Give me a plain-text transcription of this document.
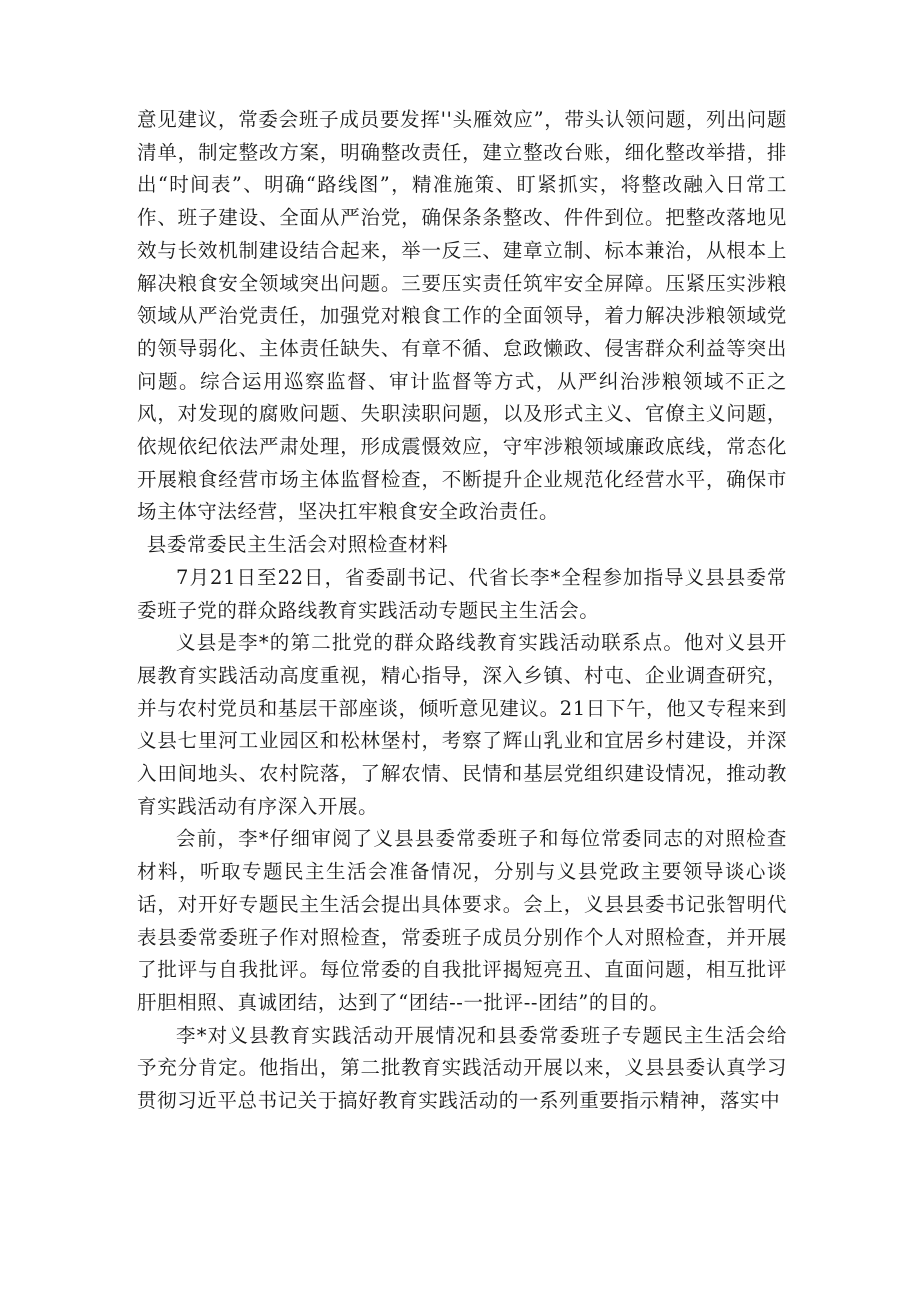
意见建议，常委会班子成员要发挥''头雁效应”，带头认领问题，列出问题清单，制定整改方案，明确整改责任，建立整改台账，细化整改举措，排出“时间表”、明确“路线图”，精准施策、盯紧抓实，将整改融入日常工作、班子建设、全面从严治党，确保条条整改、件件到位。把整改落地见效与长效机制建设结合起来，举一反三、建章立制、标本兼治，从根本上解决粮食安全领域突出问题。三要压实责任筑牢安全屏障。压紧压实涉粮领域从严治党责任，加强党对粮食工作的全面领导，着力解决涉粮领域党的领导弱化、主体责任缺失、有章不循、怠政懒政、侵害群众利益等突出问题。综合运用巡察监督、审计监督等方式，从严纠治涉粮领域不正之风，对发现的腐败问题、失职渎职问题，以及形式主义、官僚主义问题，依规依纪依法严肃处理，形成震慑效应，守牢涉粮领域廉政底线，常态化开展粮食经营市场主体监督检查，不断提升企业规范化经营水平，确保市场主体守法经营，坚决扛牢粮食安全政治责任。

县委常委民主生活会对照检查材料

7月21日至22日，省委副书记、代省长李*全程参加指导义县县委常委班子党的群众路线教育实践活动专题民主生活会。

义县是李*的第二批党的群众路线教育实践活动联系点。他对义县开展教育实践活动高度重视，精心指导，深入乡镇、村屯、企业调查研究，并与农村党员和基层干部座谈，倾听意见建议。21日下午，他又专程来到义县七里河工业园区和松林堡村，考察了辉山乳业和宜居乡村建设，并深入田间地头、农村院落，了解农情、民情和基层党组织建设情况，推动教育实践活动有序深入开展。

会前，李*仔细审阅了义县县委常委班子和每位常委同志的对照检查材料，听取专题民主生活会准备情况，分别与义县党政主要领导谈心谈话，对开好专题民主生活会提出具体要求。会上，义县县委书记张智明代表县委常委班子作对照检查，常委班子成员分别作个人对照检查，并开展了批评与自我批评。每位常委的自我批评揭短亮丑、直面问题，相互批评肝胆相照、真诚团结，达到了“团结--一批评--团结”的目的。

李*对义县教育实践活动开展情况和县委常委班子专题民主生活会给予充分肯定。他指出，第二批教育实践活动开展以来，义县县委认真学习贯彻习近平总书记关于搞好教育实践活动的一系列重要指示精神，落实中
